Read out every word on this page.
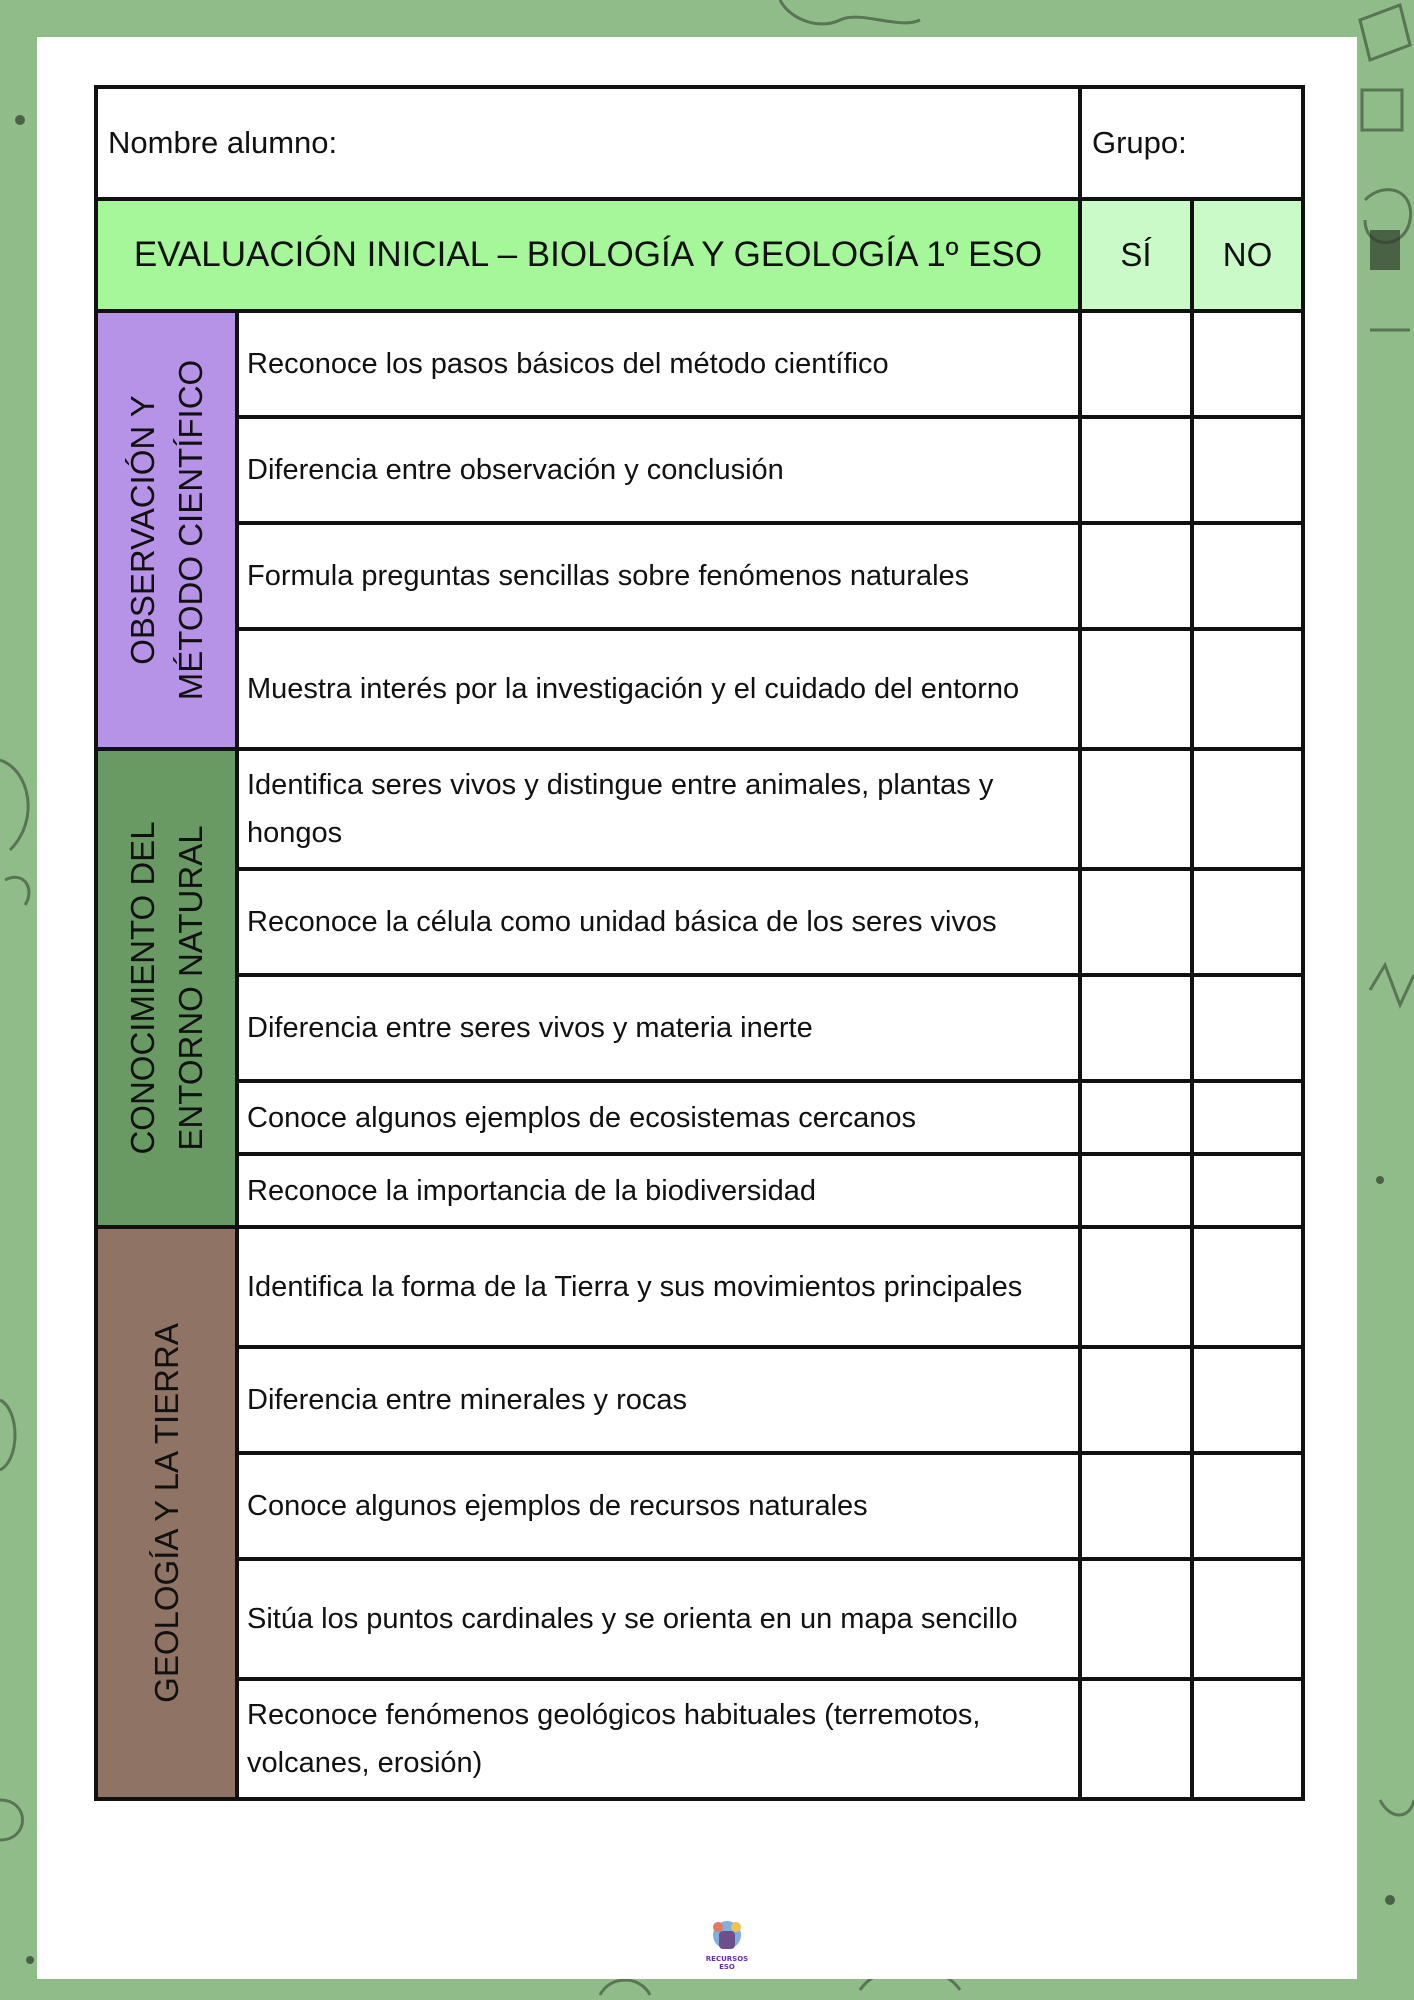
Nombre alumno:		Grupo:	
EVALUACIÓN INICIAL – BIOLOGÍA Y GEOLOGÍA 1º ESO		SÍ	NO

OBSERVACIÓN Y MÉTODO CIENTÍFICO	Reconoce los pasos básicos del método científico		
	Diferencia entre observación y conclusión		
	Formula preguntas sencillas sobre fenómenos naturales		
	Muestra interés por la investigación y el cuidado del entorno		

CONOCIMIENTO DEL ENTORNO NATURAL	Identifica seres vivos y distingue entre animales, plantas y hongos		
	Reconoce la célula como unidad básica de los seres vivos		
	Diferencia entre seres vivos y materia inerte		
	Conoce algunos ejemplos de ecosistemas cercanos		
	Reconoce la importancia de la biodiversidad		

GEOLOGÍA Y LA TIERRA	Identifica la forma de la Tierra y sus movimientos principales		
	Diferencia entre minerales y rocas		
	Conoce algunos ejemplos de recursos naturales		
	Sitúa los puntos cardinales y se orienta en un mapa sencillo		
	Reconoce fenómenos geológicos habituales (terremotos, volcanes, erosión)		
RECURSOS
ESO
